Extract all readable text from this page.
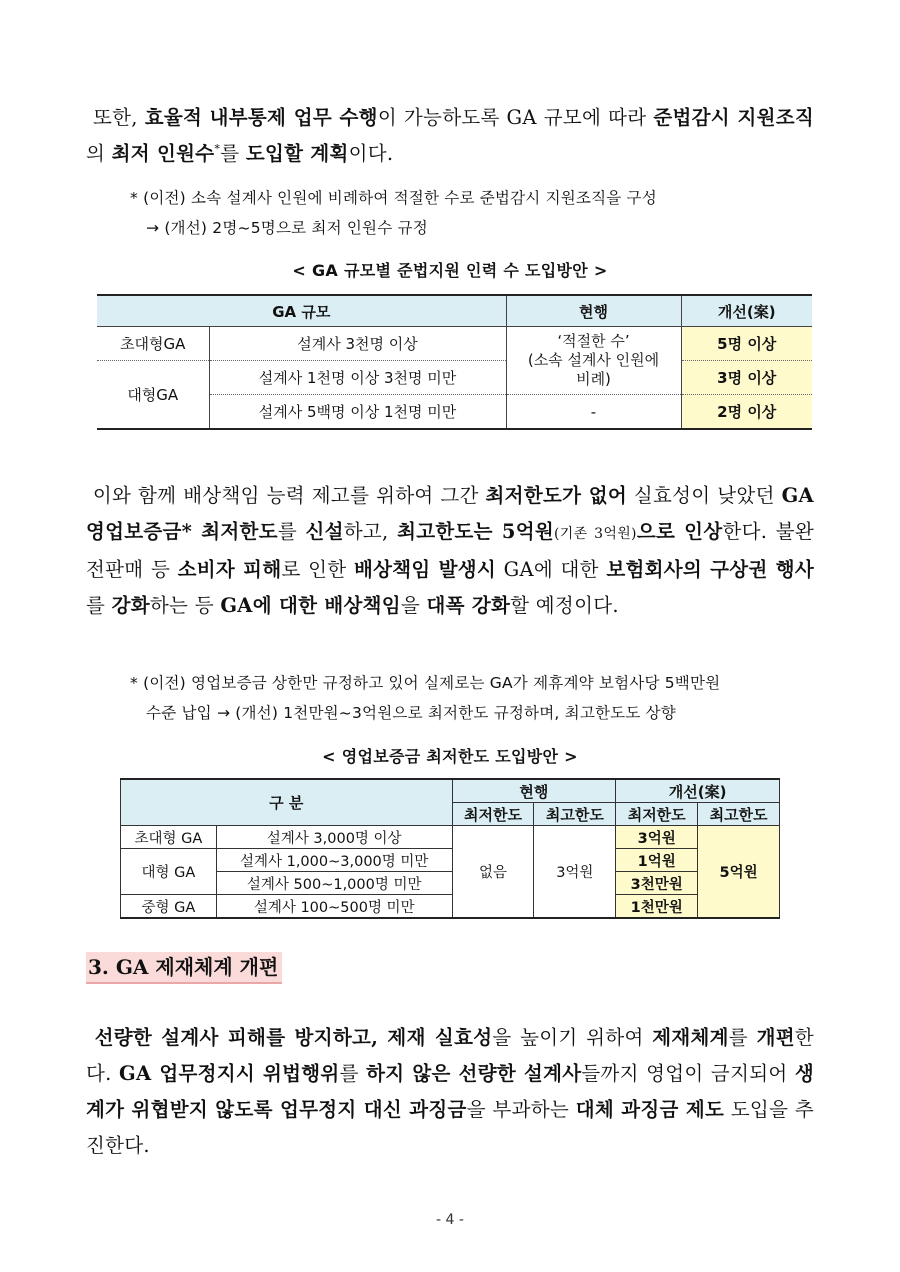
또한, 효율적 내부통제 업무 수행이 가능하도록 GA 규모에 따라 준법감시 지원조직의 최저 인원수*를 도입할 계획이다.
* (이전) 소속 설계사 인원에 비례하여 적절한 수로 준법감시 지원조직을 구성
→ (개선) 2명~5명으로 최저 인원수 규정
< GA 규모별 준법지원 인력 수 도입방안 >
GA 규모		현행	개선(案)
초대형GA	설계사 3천명 이상	‘적절한 수’
(소속 설계사 인원에
비례)	5명 이상
대형GA	설계사 1천명 이상 3천명 미만		3명 이상
	설계사 5백명 이상 1천명 미만	-	2명 이상
이와 함께 배상책임 능력 제고를 위하여 그간 최저한도가 없어 실효성이 낮았던 GA 영업보증금* 최저한도를 신설하고, 최고한도는 5억원(기존 3억원)으로 인상한다. 불완전판매 등 소비자 피해로 인한 배상책임 발생시 GA에 대한 보험회사의 구상권 행사를 강화하는 등 GA에 대한 배상책임을 대폭 강화할 예정이다.
* (이전) 영업보증금 상한만 규정하고 있어 실제로는 GA가 제휴계약 보험사당 5백만원
수준 납입 → (개선) 1천만원~3억원으로 최저한도 규정하며, 최고한도도 상향
< 영업보증금 최저한도 도입방안 >
구 분		현행		개선(案)	
		최저한도	최고한도	최저한도	최고한도
초대형 GA	설계사 3,000명 이상	없음	3억원	3억원	5억원
대형 GA	설계사 1,000~3,000명 미만			1억원	
	설계사 500~1,000명 미만			3천만원	
중형 GA	설계사 100~500명 미만			1천만원	
3. GA 제재체계 개편
선량한 설계사 피해를 방지하고, 제재 실효성을 높이기 위하여 제재체계를 개편한다. GA 업무정지시 위법행위를 하지 않은 선량한 설계사들까지 영업이 금지되어 생계가 위협받지 않도록 업무정지 대신 과징금을 부과하는 대체 과징금 제도 도입을 추진한다.
- 4 -
